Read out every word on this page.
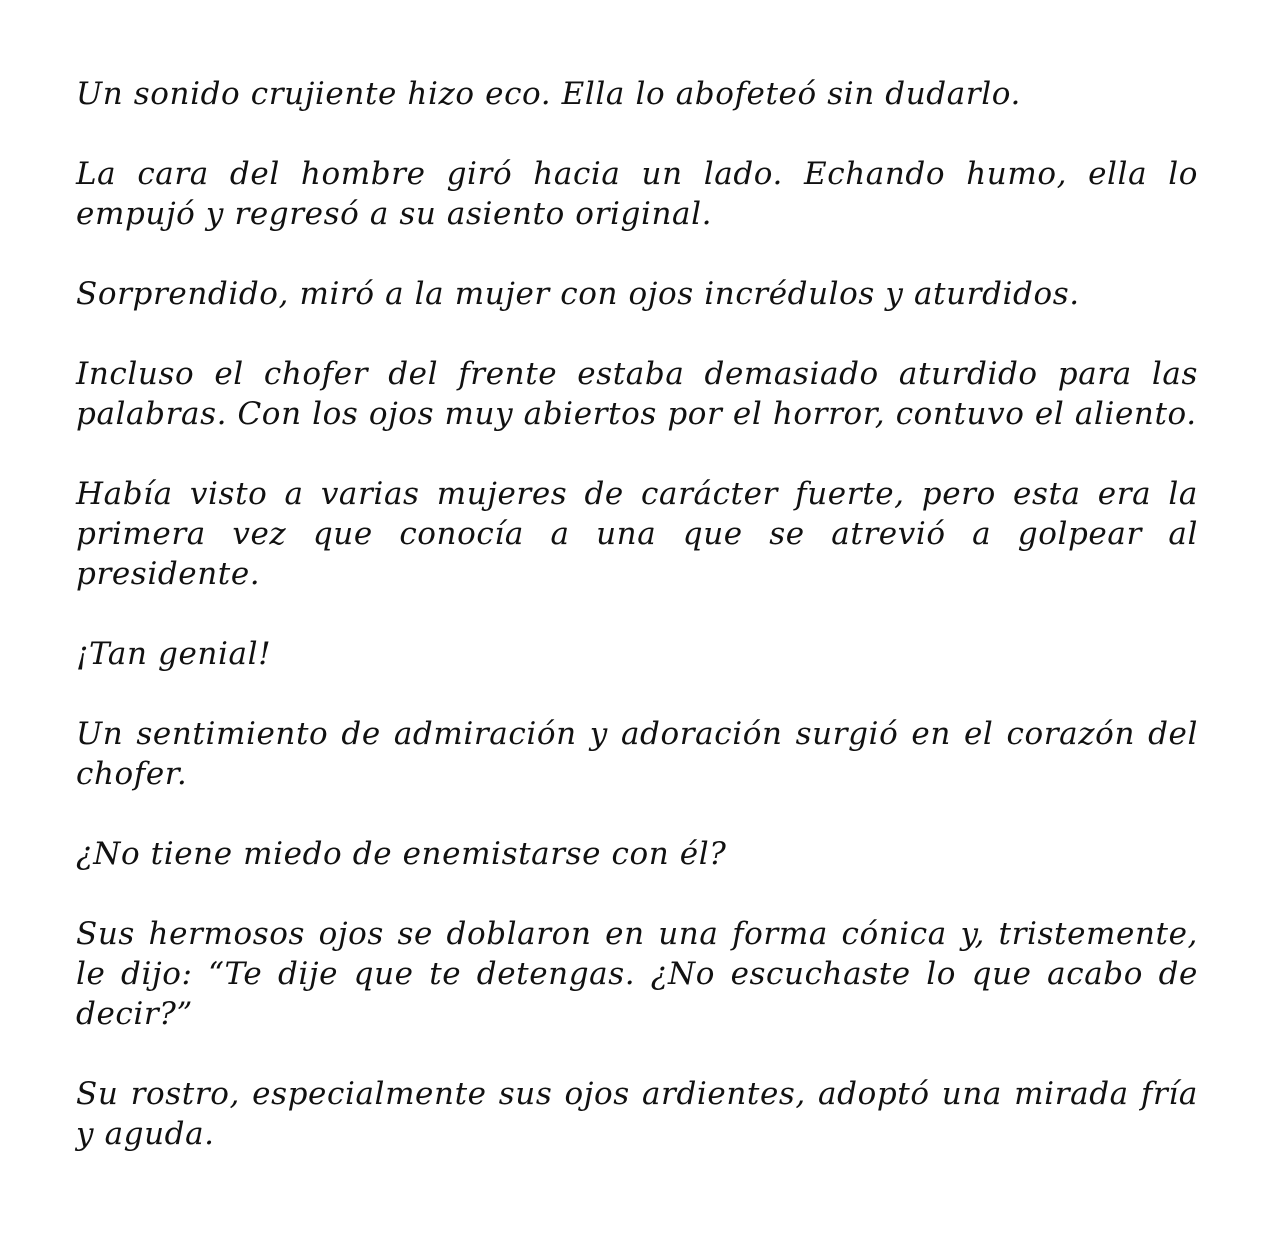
Un sonido crujiente hizo eco. Ella lo abofeteó sin dudarlo.

La cara del hombre giró hacia un lado. Echando humo, ella lo empujó y regresó a su asiento original.

Sorprendido, miró a la mujer con ojos incrédulos y aturdidos.

Incluso el chofer del frente estaba demasiado aturdido para las palabras. Con los ojos muy abiertos por el horror, contuvo el aliento.

Había visto a varias mujeres de carácter fuerte, pero esta era la primera vez que conocía a una que se atrevió a golpear al presidente.

¡Tan genial!

Un sentimiento de admiración y adoración surgió en el corazón del chofer.

¿No tiene miedo de enemistarse con él?

Sus hermosos ojos se doblaron en una forma cónica y, tristemente, le dijo: “Te dije que te detengas. ¿No escuchaste lo que acabo de decir?”

Su rostro, especialmente sus ojos ardientes, adoptó una mirada fría y aguda.
